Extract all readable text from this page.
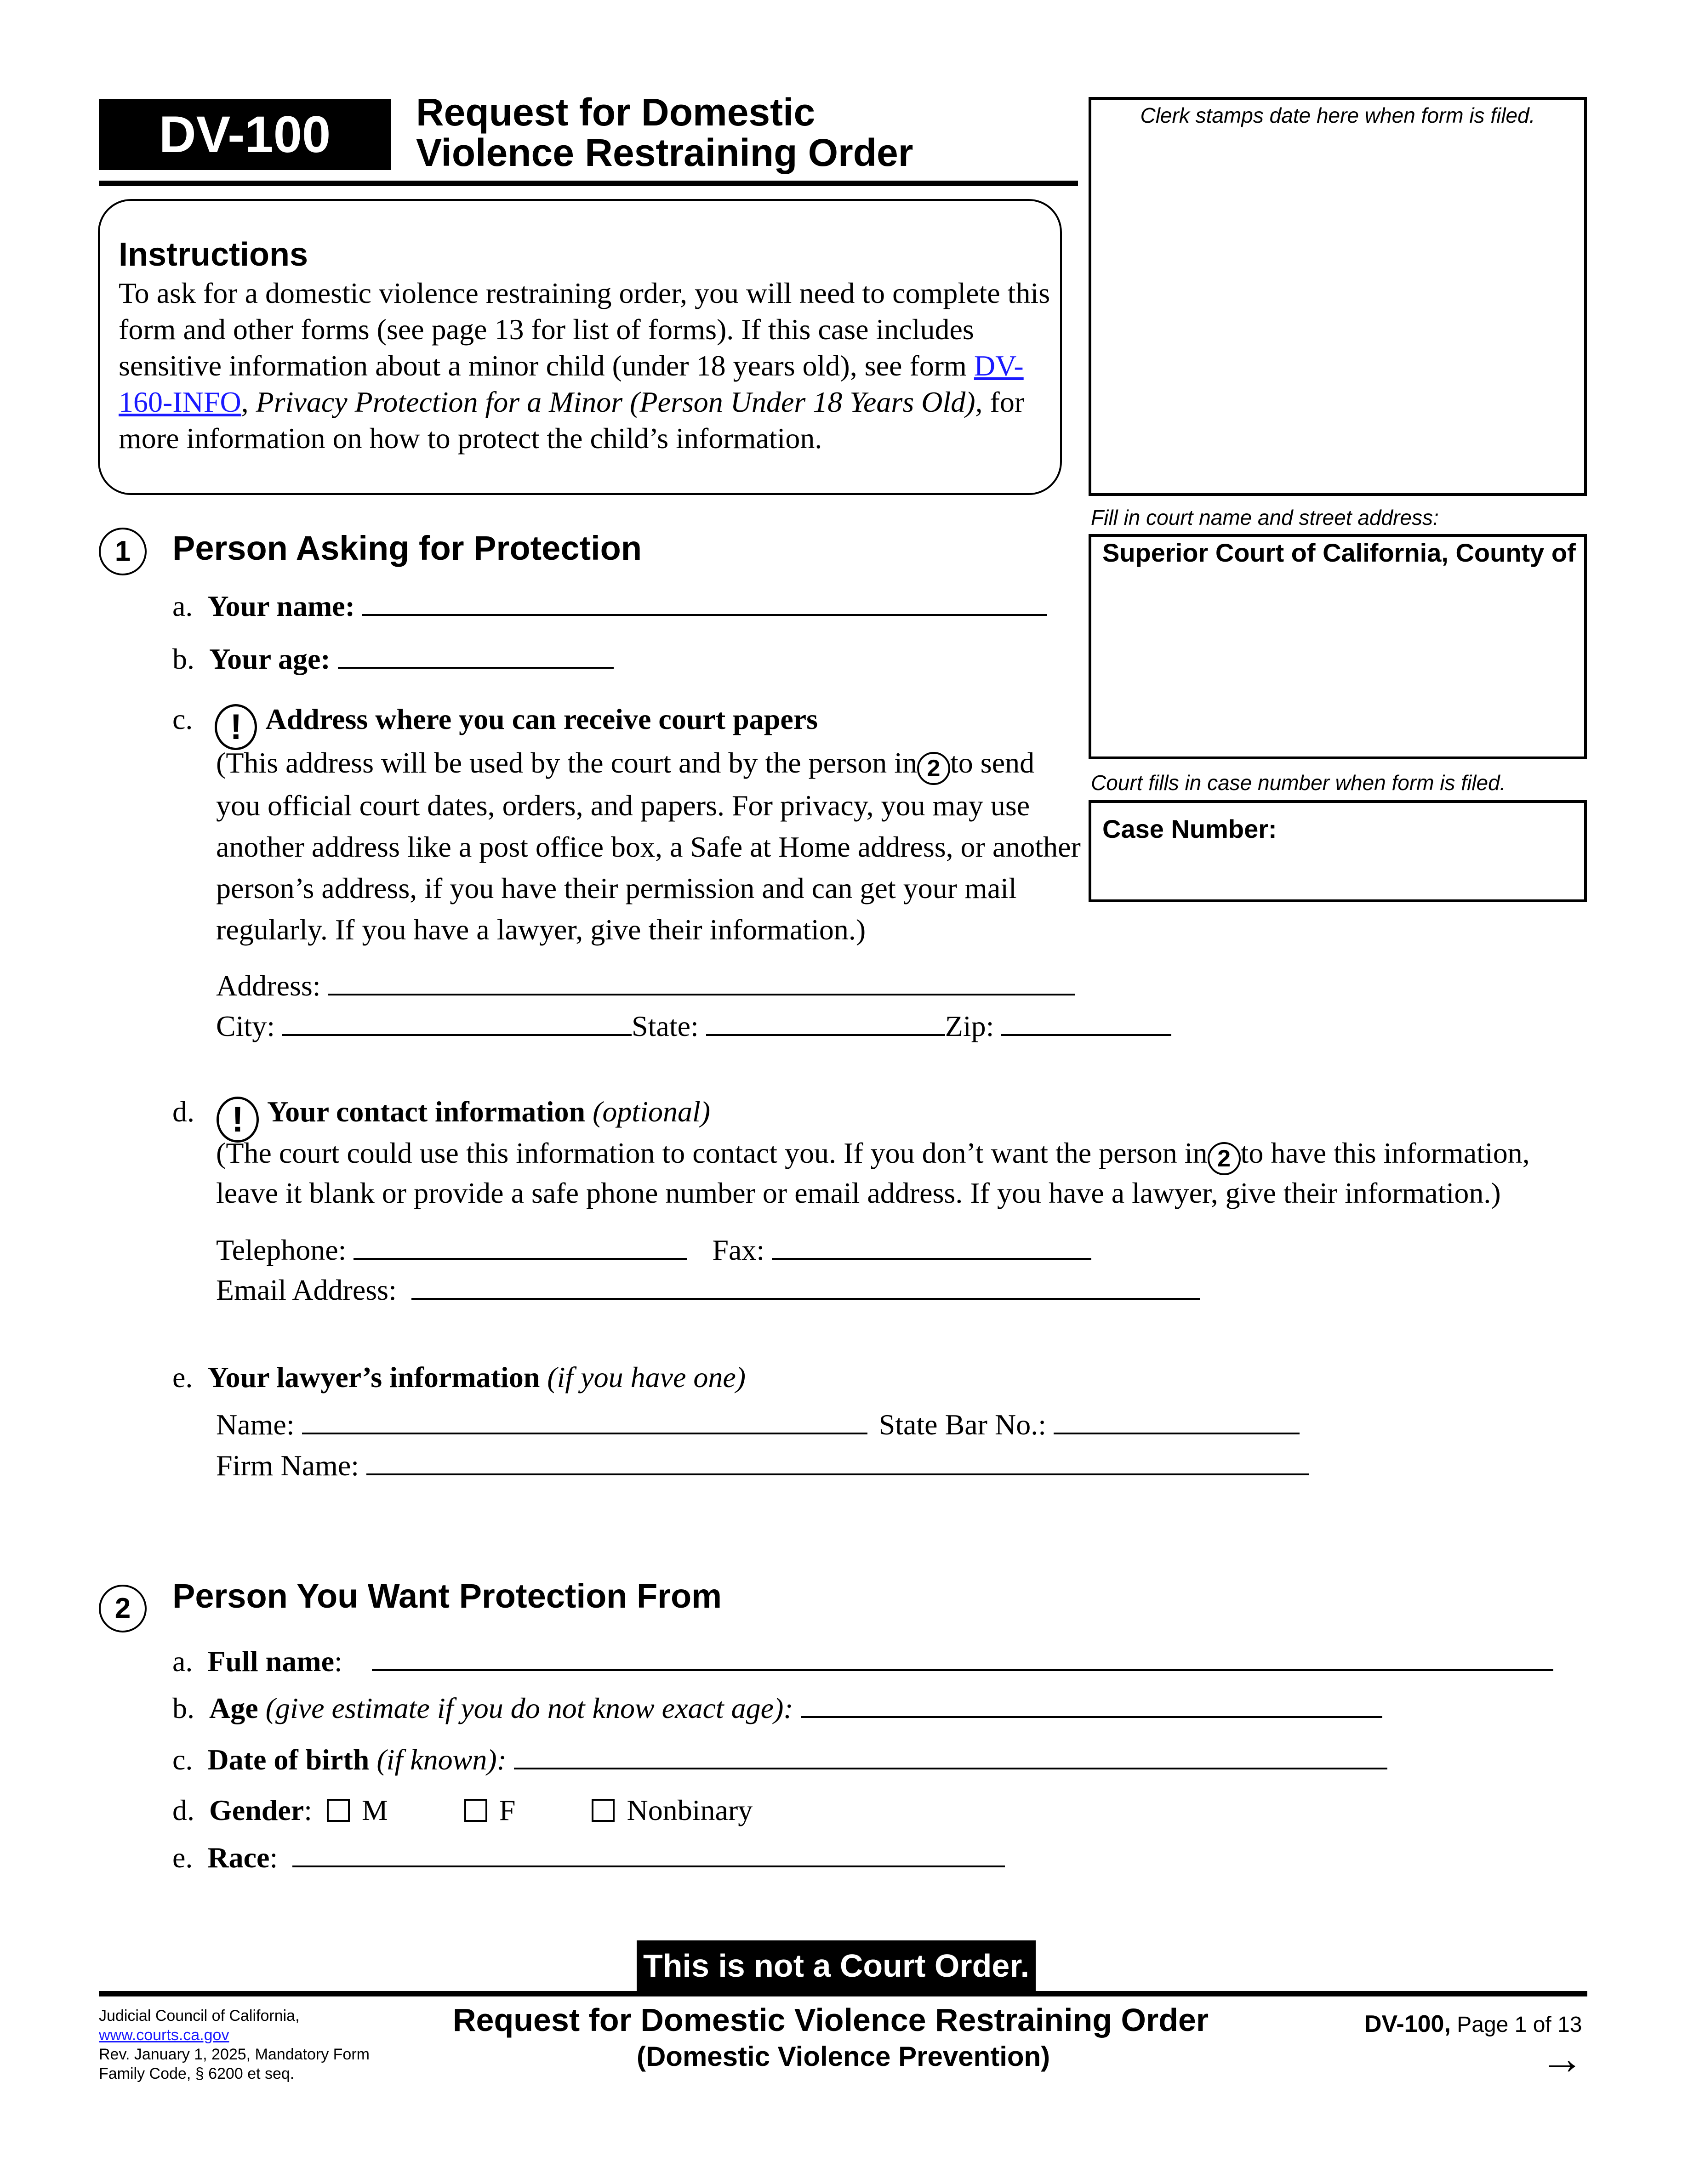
DV-100	Request for Domestic
Violence Restraining Order
Instructions
To ask for a domestic violence restraining order, you will need to complete this form and other forms (see page 13 for list of forms). If this case includes sensitive information about a minor child (under 18 years old), see form DV-160-INFO, Privacy Protection for a Minor (Person Under 18 Years Old), for more information on how to protect the child’s information.
Clerk stamps date here when form is filed.
Fill in court name and street address:
Superior Court of California, County of
Court fills in case number when form is filed.
Case Number:
1	Person Asking for Protection
a. Your name:
b. Your age:
c. ! Address where you can receive court papers
(This address will be used by the court and by the person in 2 to send you official court dates, orders, and papers. For privacy, you may use another address like a post office box, a Safe at Home address, or another person’s address, if you have their permission and can get your mail regularly. If you have a lawyer, give their information.)
Address:
City:	State:	Zip:
d. ! Your contact information (optional)
(The court could use this information to contact you. If you don’t want the person in 2 to have this information, leave it blank or provide a safe phone number or email address. If you have a lawyer, give their information.)
Telephone:	Fax:
Email Address:
e. Your lawyer’s information (if you have one)
Name:	State Bar No.:
Firm Name:
2	Person You Want Protection From
a. Full name:
b. Age (give estimate if you do not know exact age):
c. Date of birth (if known):
d. Gender: M	F	Nonbinary
e. Race:
This is not a Court Order.
Judicial Council of California,
www.courts.ca.gov
Rev. January 1, 2025, Mandatory Form
Family Code, § 6200 et seq.
Request for Domestic Violence Restraining Order
(Domestic Violence Prevention)
DV-100, Page 1 of 13
→
